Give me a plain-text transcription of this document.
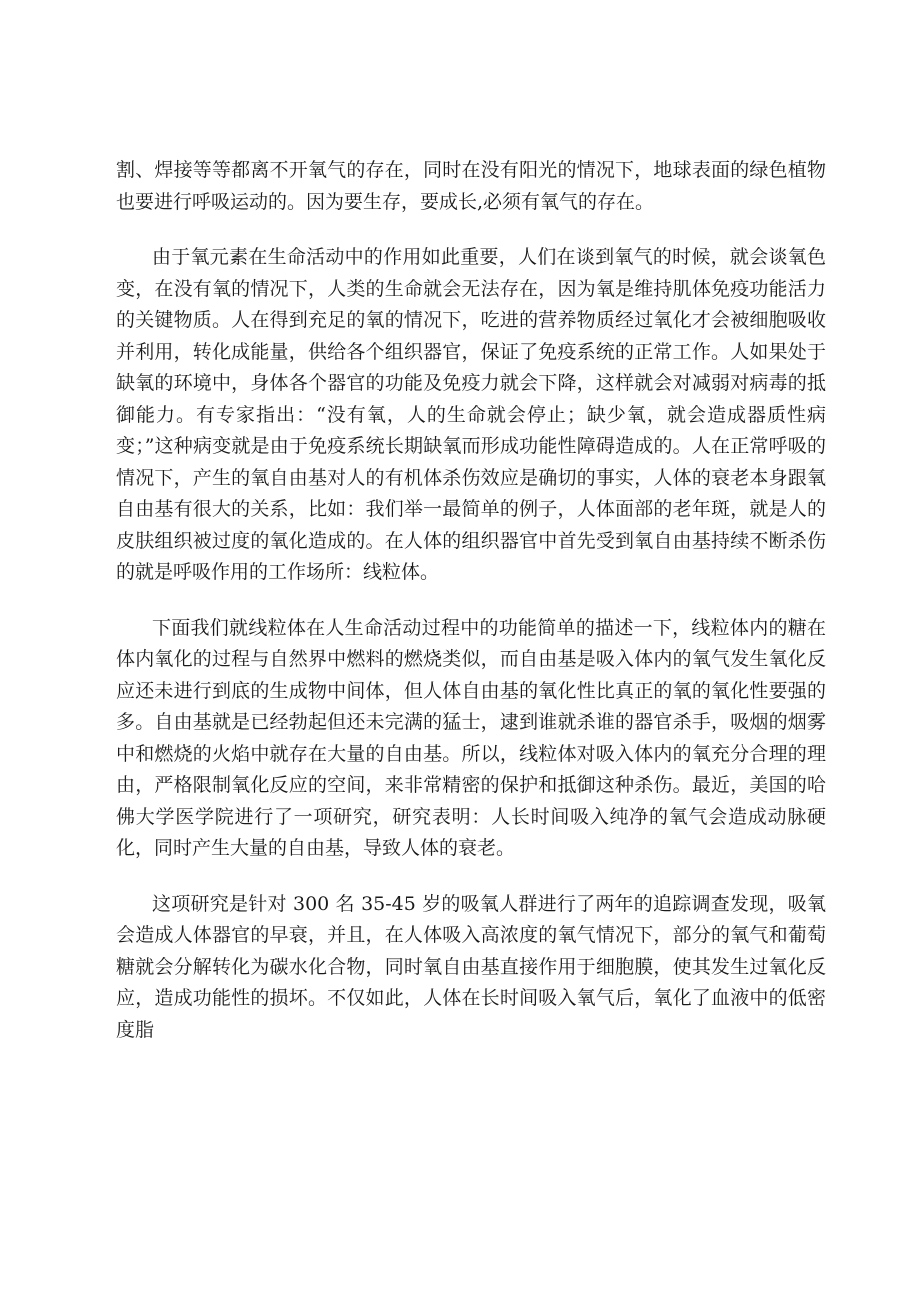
割、焊接等等都离不开氧气的存在，同时在没有阳光的情况下，地球表面的绿色植物也要进行呼吸运动的。因为要生存，要成长,必须有氧气的存在。

由于氧元素在生命活动中的作用如此重要，人们在谈到氧气的时候，就会谈氧色变，在没有氧的情况下，人类的生命就会无法存在，因为氧是维持肌体免疫功能活力的关键物质。人在得到充足的氧的情况下，吃进的营养物质经过氧化才会被细胞吸收并利用，转化成能量，供给各个组织器官，保证了免疫系统的正常工作。人如果处于缺氧的环境中，身体各个器官的功能及免疫力就会下降，这样就会对减弱对病毒的抵御能力。有专家指出：“没有氧，人的生命就会停止；缺少氧，就会造成器质性病变；”这种病变就是由于免疫系统长期缺氧而形成功能性障碍造成的。人在正常呼吸的情况下，产生的氧自由基对人的有机体杀伤效应是确切的事实，人体的衰老本身跟氧自由基有很大的关系，比如：我们举一最简单的例子，人体面部的老年斑，就是人的皮肤组织被过度的氧化造成的。在人体的组织器官中首先受到氧自由基持续不断杀伤的就是呼吸作用的工作场所：线粒体。

下面我们就线粒体在人生命活动过程中的功能简单的描述一下，线粒体内的糖在体内氧化的过程与自然界中燃料的燃烧类似，而自由基是吸入体内的氧气发生氧化反应还未进行到底的生成物中间体，但人体自由基的氧化性比真正的氧的氧化性要强的多。自由基就是已经勃起但还未完满的猛士，逮到谁就杀谁的器官杀手，吸烟的烟雾中和燃烧的火焰中就存在大量的自由基。所以，线粒体对吸入体内的氧充分合理的理由，严格限制氧化反应的空间，来非常精密的保护和抵御这种杀伤。最近，美国的哈佛大学医学院进行了一项研究，研究表明：人长时间吸入纯净的氧气会造成动脉硬化，同时产生大量的自由基，导致人体的衰老。

这项研究是针对 300 名 35-45 岁的吸氧人群进行了两年的追踪调查发现，吸氧会造成人体器官的早衰，并且，在人体吸入高浓度的氧气情况下，部分的氧气和葡萄糖就会分解转化为碳水化合物，同时氧自由基直接作用于细胞膜，使其发生过氧化反应，造成功能性的损坏。不仅如此，人体在长时间吸入氧气后，氧化了血液中的低密度脂
